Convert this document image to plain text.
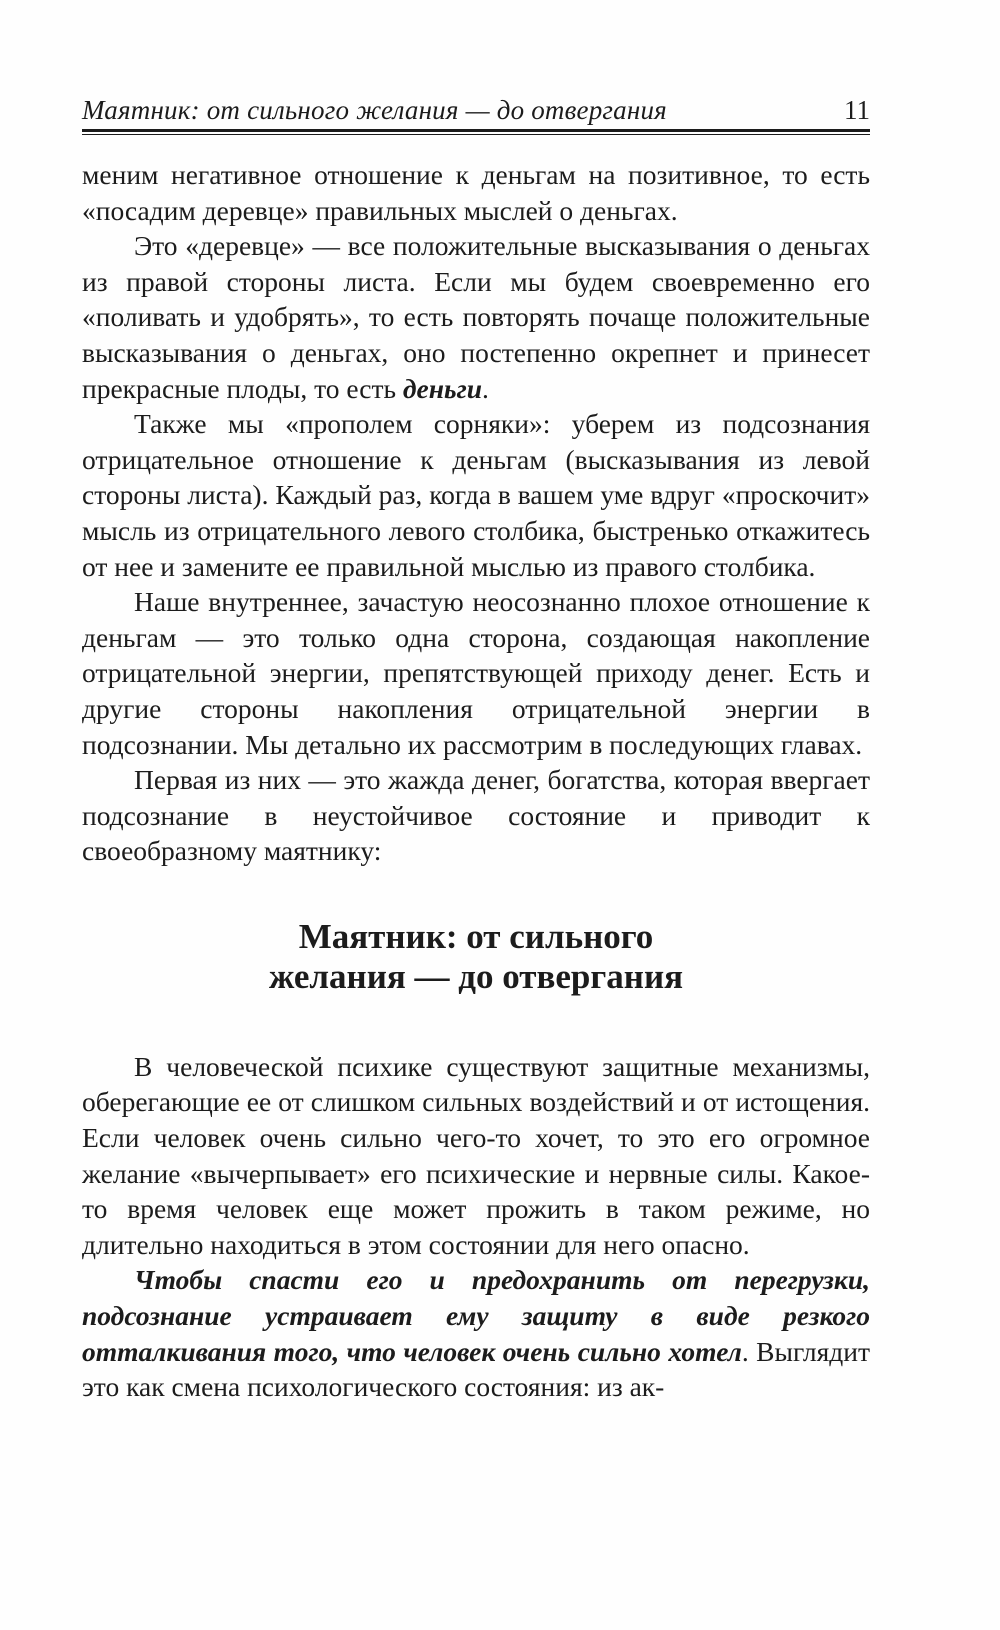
Маятник: от сильного желания — до отвергания	11

меним негативное отношение к деньгам на позитивное, то есть «посадим деревце» правильных мыслей о деньгах.

Это «деревце» — все положительные высказывания о деньгах из правой стороны листа. Если мы будем своевременно его «поливать и удобрять», то есть повторять почаще положительные высказывания о деньгах, оно постепенно окрепнет и принесет прекрасные плоды, то есть деньги.

Также мы «прополем сорняки»: уберем из подсознания отрицательное отношение к деньгам (высказывания из левой стороны листа). Каждый раз, когда в вашем уме вдруг «проскочит» мысль из отрицательного левого столбика, быстренько откажитесь от нее и замените ее правильной мыслью из правого столбика.

Наше внутреннее, зачастую неосознанно плохое отношение к деньгам — это только одна сторона, создающая накопление отрицательной энергии, препятствующей приходу денег. Есть и другие стороны накопления отрицательной энергии в подсознании. Мы детально их рассмотрим в последующих главах.

Первая из них — это жажда денег, богатства, которая ввергает подсознание в неустойчивое состояние и приводит к своеобразному маятнику:

Маятник: от сильного
желания — до отвергания

В человеческой психике существуют защитные механизмы, оберегающие ее от слишком сильных воздействий и от истощения. Если человек очень сильно чего-то хочет, то это его огромное желание «вычерпывает» его психические и нервные силы. Какое-то время человек еще может прожить в таком режиме, но длительно находиться в этом состоянии для него опасно.

Чтобы спасти его и предохранить от перегрузки, подсознание устраивает ему защиту в виде резкого отталкивания того, что человек очень сильно хотел. Выглядит это как смена психологического состояния: из ак-
